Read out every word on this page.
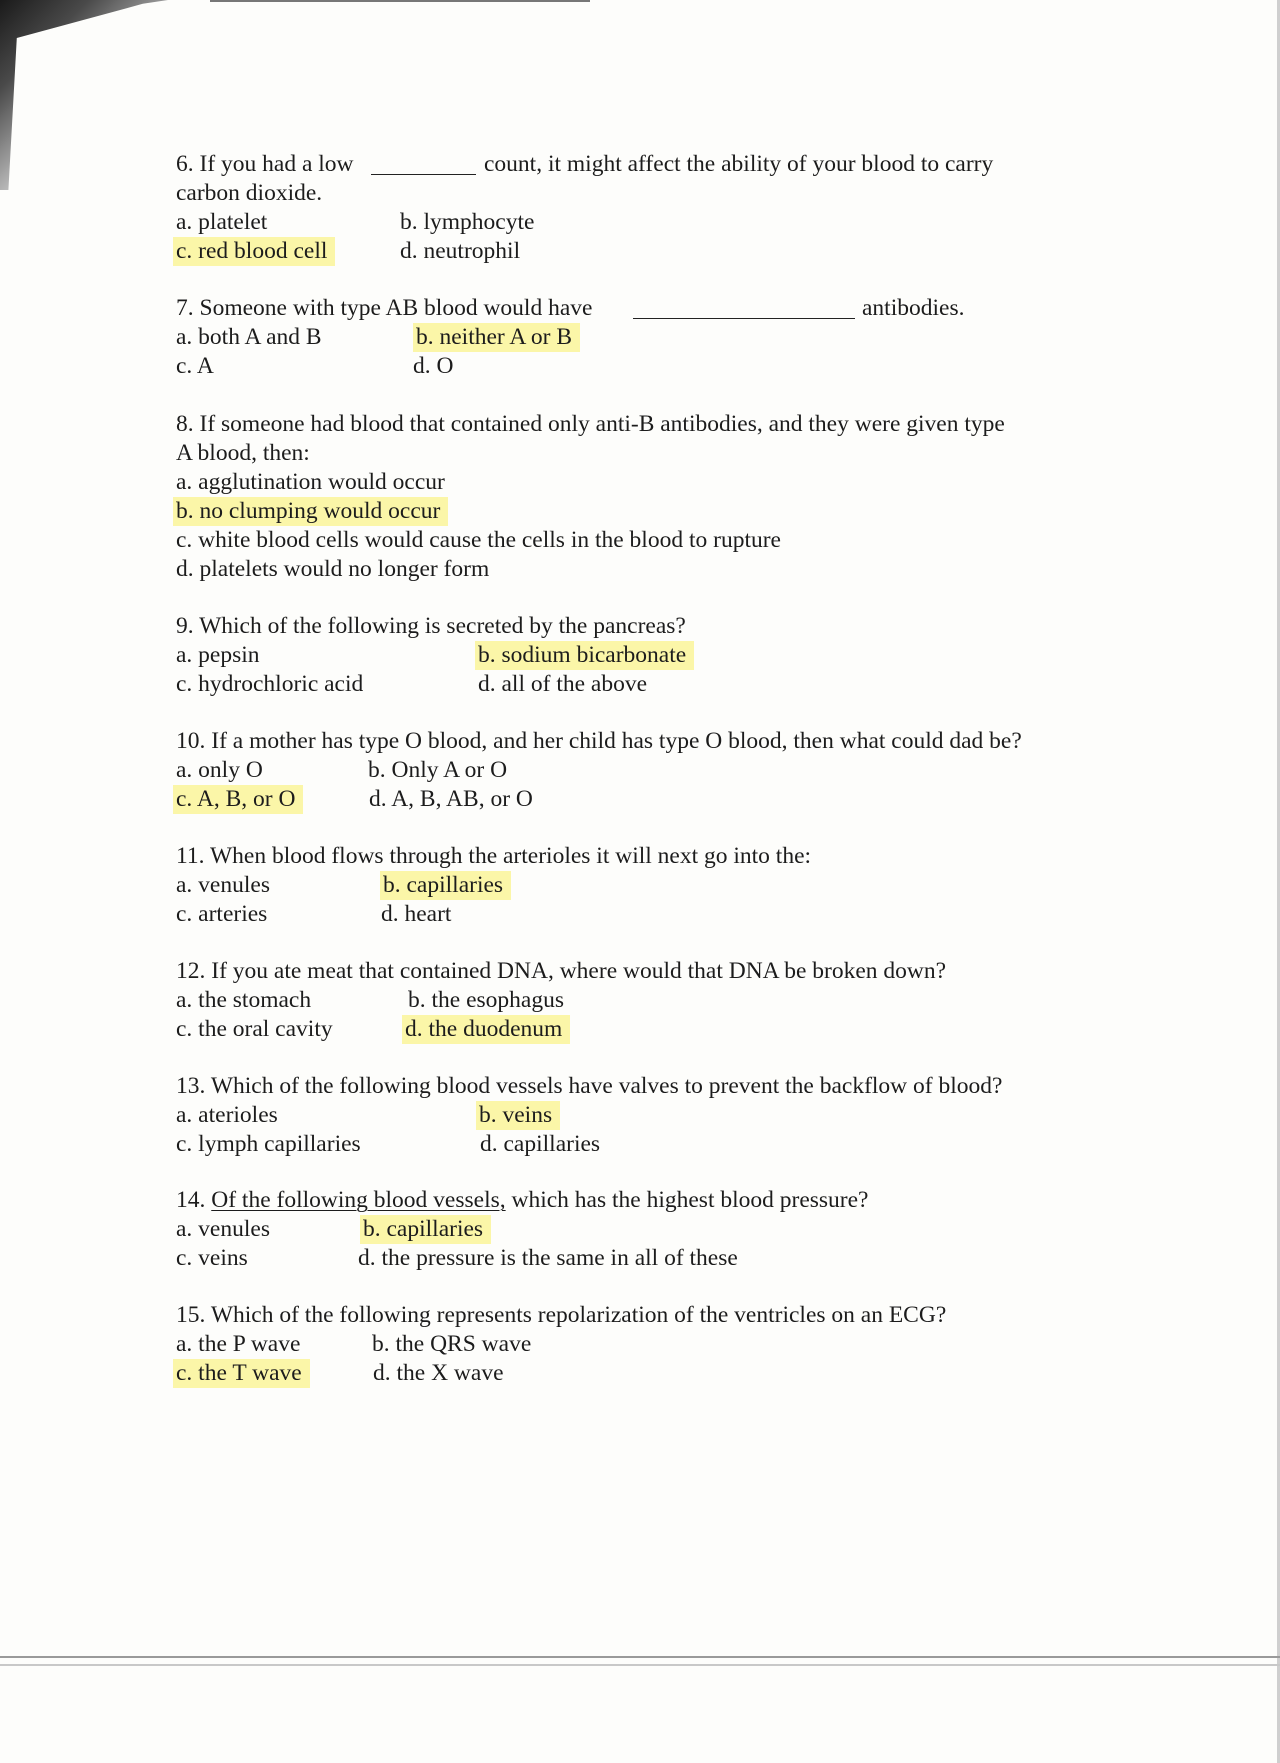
6. If you had a low	count, it might affect the ability of your blood to carry
carbon dioxide.
a. platelet	b. lymphocyte
c. red blood cell	d. neutrophil
7. Someone with type AB blood would have	antibodies.
a. both A and B	b. neither A or B
c. A	d. O
8. If someone had blood that contained only anti-B antibodies, and they were given type
A blood, then:
a. agglutination would occur
b. no clumping would occur
c. white blood cells would cause the cells in the blood to rupture
d. platelets would no longer form
9. Which of the following is secreted by the pancreas?
a. pepsin	b. sodium bicarbonate
c. hydrochloric acid	d. all of the above
10. If a mother has type O blood, and her child has type O blood, then what could dad be?
a. only O	b. Only A or O
c. A, B, or O	d. A, B, AB, or O
11. When blood flows through the arterioles it will next go into the:
a. venules	b. capillaries
c. arteries	d. heart
12. If you ate meat that contained DNA, where would that DNA be broken down?
a. the stomach	b. the esophagus
c. the oral cavity	d. the duodenum
13. Which of the following blood vessels have valves to prevent the backflow of blood?
a. aterioles	b. veins
c. lymph capillaries	d. capillaries
14. Of the following blood vessels, which has the highest blood pressure?
a. venules	b. capillaries
c. veins	d. the pressure is the same in all of these
15. Which of the following represents repolarization of the ventricles on an ECG?
a. the P wave	b. the QRS wave
c. the T wave	d. the X wave
